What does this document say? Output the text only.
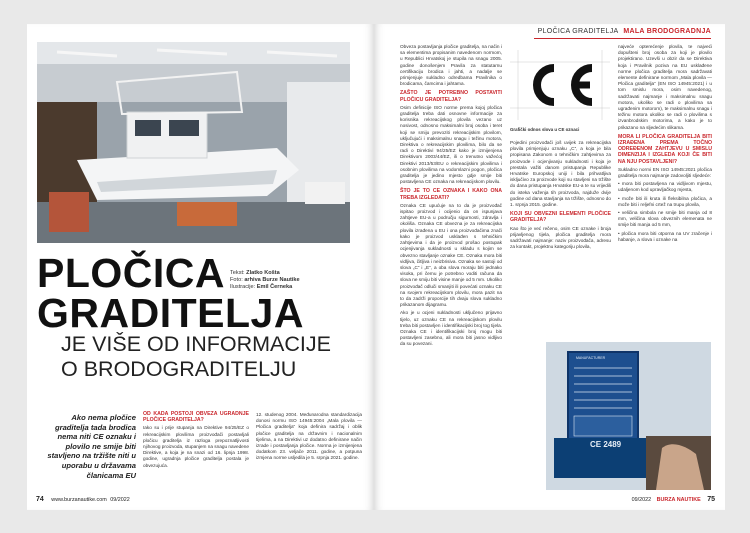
PLOČICA
GRADITELJA
Tekst: Zlatko Košta
Foto: arhiva Burze Nautike
Ilustracije: Emil Černeka
JE VIŠE OD INFORMACIJE
O BRODOGRADITELJU
Ako nema pločice graditelja tada brodica nema niti CE oznaku i plovilo ne smije biti stavljeno na tržište niti u uporabu u državama članicama EU
OD KADA POSTOJI OBVEZA UGRADNJE PLOČICE GRADITELJA?

Iako su i prije stupanja na Direktive 94/25/EZ o rekreacijskim plovilima proizvođači postavljali pločicu graditelja iz razloga prepoznatljivosti njihovog proizvoda, stupanjem na snagu navedene Direktive, a koja je na snazi od 16. lipnja 1998. godine, ugradnja pločice graditelja postala je obvezujuća.

12. studenog 2004. Međunarodna standardizacija donosi normu ISO 14945:2004 „Mala plovila — Pločica graditelja” koja definira sadržaj i oblik pločice graditelja na državnim i nacionalnim tijelima, a na Direktivi uz dodatno definirane način izrade i postavljanja pločice. Norma je izmijenjena dodatkom 23. veljače 2011. godine, a potpuna izmjena norme usljedila je 5. srpnja 2021. godine.

74 www.burzanautike.com 09/2022
PLOČICA GRADITELJA MALA BRODOGRADNJA

Obveza postavljanja pločice graditelja, na način i sa elementima propisanim navedenom normom, u Republici Hrvatskoj je stupila na snagu 2005. godine donošenjem Pravila za statutarnu certifikaciju brodica i jahti, a nadalje se primjenjuje sukladno odredbama Pravilnika o brodicama, čamcima i jahtama.

ZAŠTO JE POTREBNO POSTAVITI PLOČICU GRADITELJA?

Osim definicije ISO norme prema kojoj pločica graditelja treba dati osnovne informacije za korisnika rekreacijskog plovila vezano uz nosivost, odnosno maksimalni broj osoba i teret koji se smiju prevoziti rekreacijskim plovilom, uključujući i maksimalnu snagu i težinu motora, Direktiva o rekreacijskim plovilima, bilo da se radi o Direktivi 94/25/EZ kako je izmijenjena Direktivom 2003/44/EZ, ili o trenutno važećoj Direktivi 2013/53/EU o rekreacijskim plovilima i osobnim plovilima na vodomlazni pogon, pločica graditelja je jedino mjesto gdje smije biti postavljena CE oznaka na rekreacijskom plovilu.

ŠTO JE TO CE OZNAKA I KAKO ONA TREBA IZGLEDATI?

Oznaka CE upućuje na to da je proizvođač ispitao proizvod i ocijenio da on ispunjava zahtjeve EU-a u području sigurnosti, zdravlja i okoliša. Oznaka CE obvezna je za rekreacijska plovila izrađena u EU i ona proizvođačima znači kako je proizvod usklađen s tehničkim zahtjevima i da je proizvod prošao postupak ocjenjivanja sukladnosti u skladu s kojim se obvezno stavljanje oznake CE. Oznaka mora biti vidljiva, čitljiva i neizbrisiva. Oznaka se sastoji od slova „C” i „E”, a oba slova moraju biti jednako visoka, pri čemu je potrebno voditi računa da slova ne smiju biti visine manje od 5 mm. Ukoliko proizvođač odluči smanjiti ili povećati oznaku CE na svojem rekreacijskom plovilu, mora pazit na to da zadrži proporcije tih dvaju slova sukladno prikazanom dijagramu.

Ako je u ocjeni sukladnosti uključeno prijavno tijelo, uz oznaku CE na rekreacijskom plovilu treba biti postavljen i identifikacijski broj tog tijela. Oznaka CE i identifikacijski broj mogu biti postavljeni zasebno, ali mora biti jasno vidljivo da su povezani.

Grafički odnos slova u CE oznaci

Pojedini proizvođači još uvijek za rekreacijska plovila primjenjuju oznaku „C”, a koja je bila propisana Zakonom o tehničkim zahtjevima za proizvode i ocjenjivanju sukladnosti i koja je prestala važiti danom pristupanja Republike Hrvatske Europskoj uniji i bila prihvatljiva isključivo za proizvode koji su stavljeni na tržište do dana pristupanja Hrvatske EU-a te su vrijedili do isteka važenja tih proizvoda, najduže dvije godine od dana stavljanja na tržište, odnosno do 1. srpnja 2015. godine.

KOJI SU OBVEZNI ELEMENTI PLOČICE GRADITELJA?

Kao što je već rečeno, osim CE oznake i broja prijavljenog tijela, pločica graditelja mora sadržavati najmanje: naziv proizvođača, adresu za kontakt, projektnu kategoriju plovila,

najveće opterećenje plovila, te najveći dopušteni broj osoba za koji je plovilo projektirano. Uzevši u obzir da se Direktiva koja i Pravilnik poziva na EU usklađene norme pločica graditelja mora sadržavati elemente definirane normom „Mala plovila — Pločica graditelja” (EN ISO 14945:2021) i u tom smislu mora, osim navedenog, sadržavati najmanje i maksimalnu snagu motora, ukoliko se radi o plovilima sa ugrađenim motorom), te maksimalnu snagu i težinu motora ukoliko se radi o plovilima s izvanbrodskim motorima, a kako je to prikazano na sljedećim slikama.

MORA LI PLOČICA GRADITELJA BITI IZRAĐENA PREMA TOČNO ODREĐENOM ZAHTJEVU U SMISLU DIMENZIJA I IZGLEDA KOJI ČE BITI NA NJU POSTAVLJENI?

Sukladno normi EN ISO 14945:2021 pločica graditelja mora najmanje zadovoljiti sljedeće:

• mora biti postavljena na vidljivom mjestu, udaljenom kod upravljačkog mjesta,

• može biti ili kruta ili fleksibilna pločica, a može biti i reljefni crtež na trupu plovila,

• veličina simbola ne smije biti manja od 8 mm, veličina slova obveznih elemenata ne smije biti manja od 5 mm,

• pločica mora biti otporna na UV zračenje i habanje, a slova i oznake na

MANUFACTURER
CE 2489
09/2022 BURZA NAUTIKE 75
